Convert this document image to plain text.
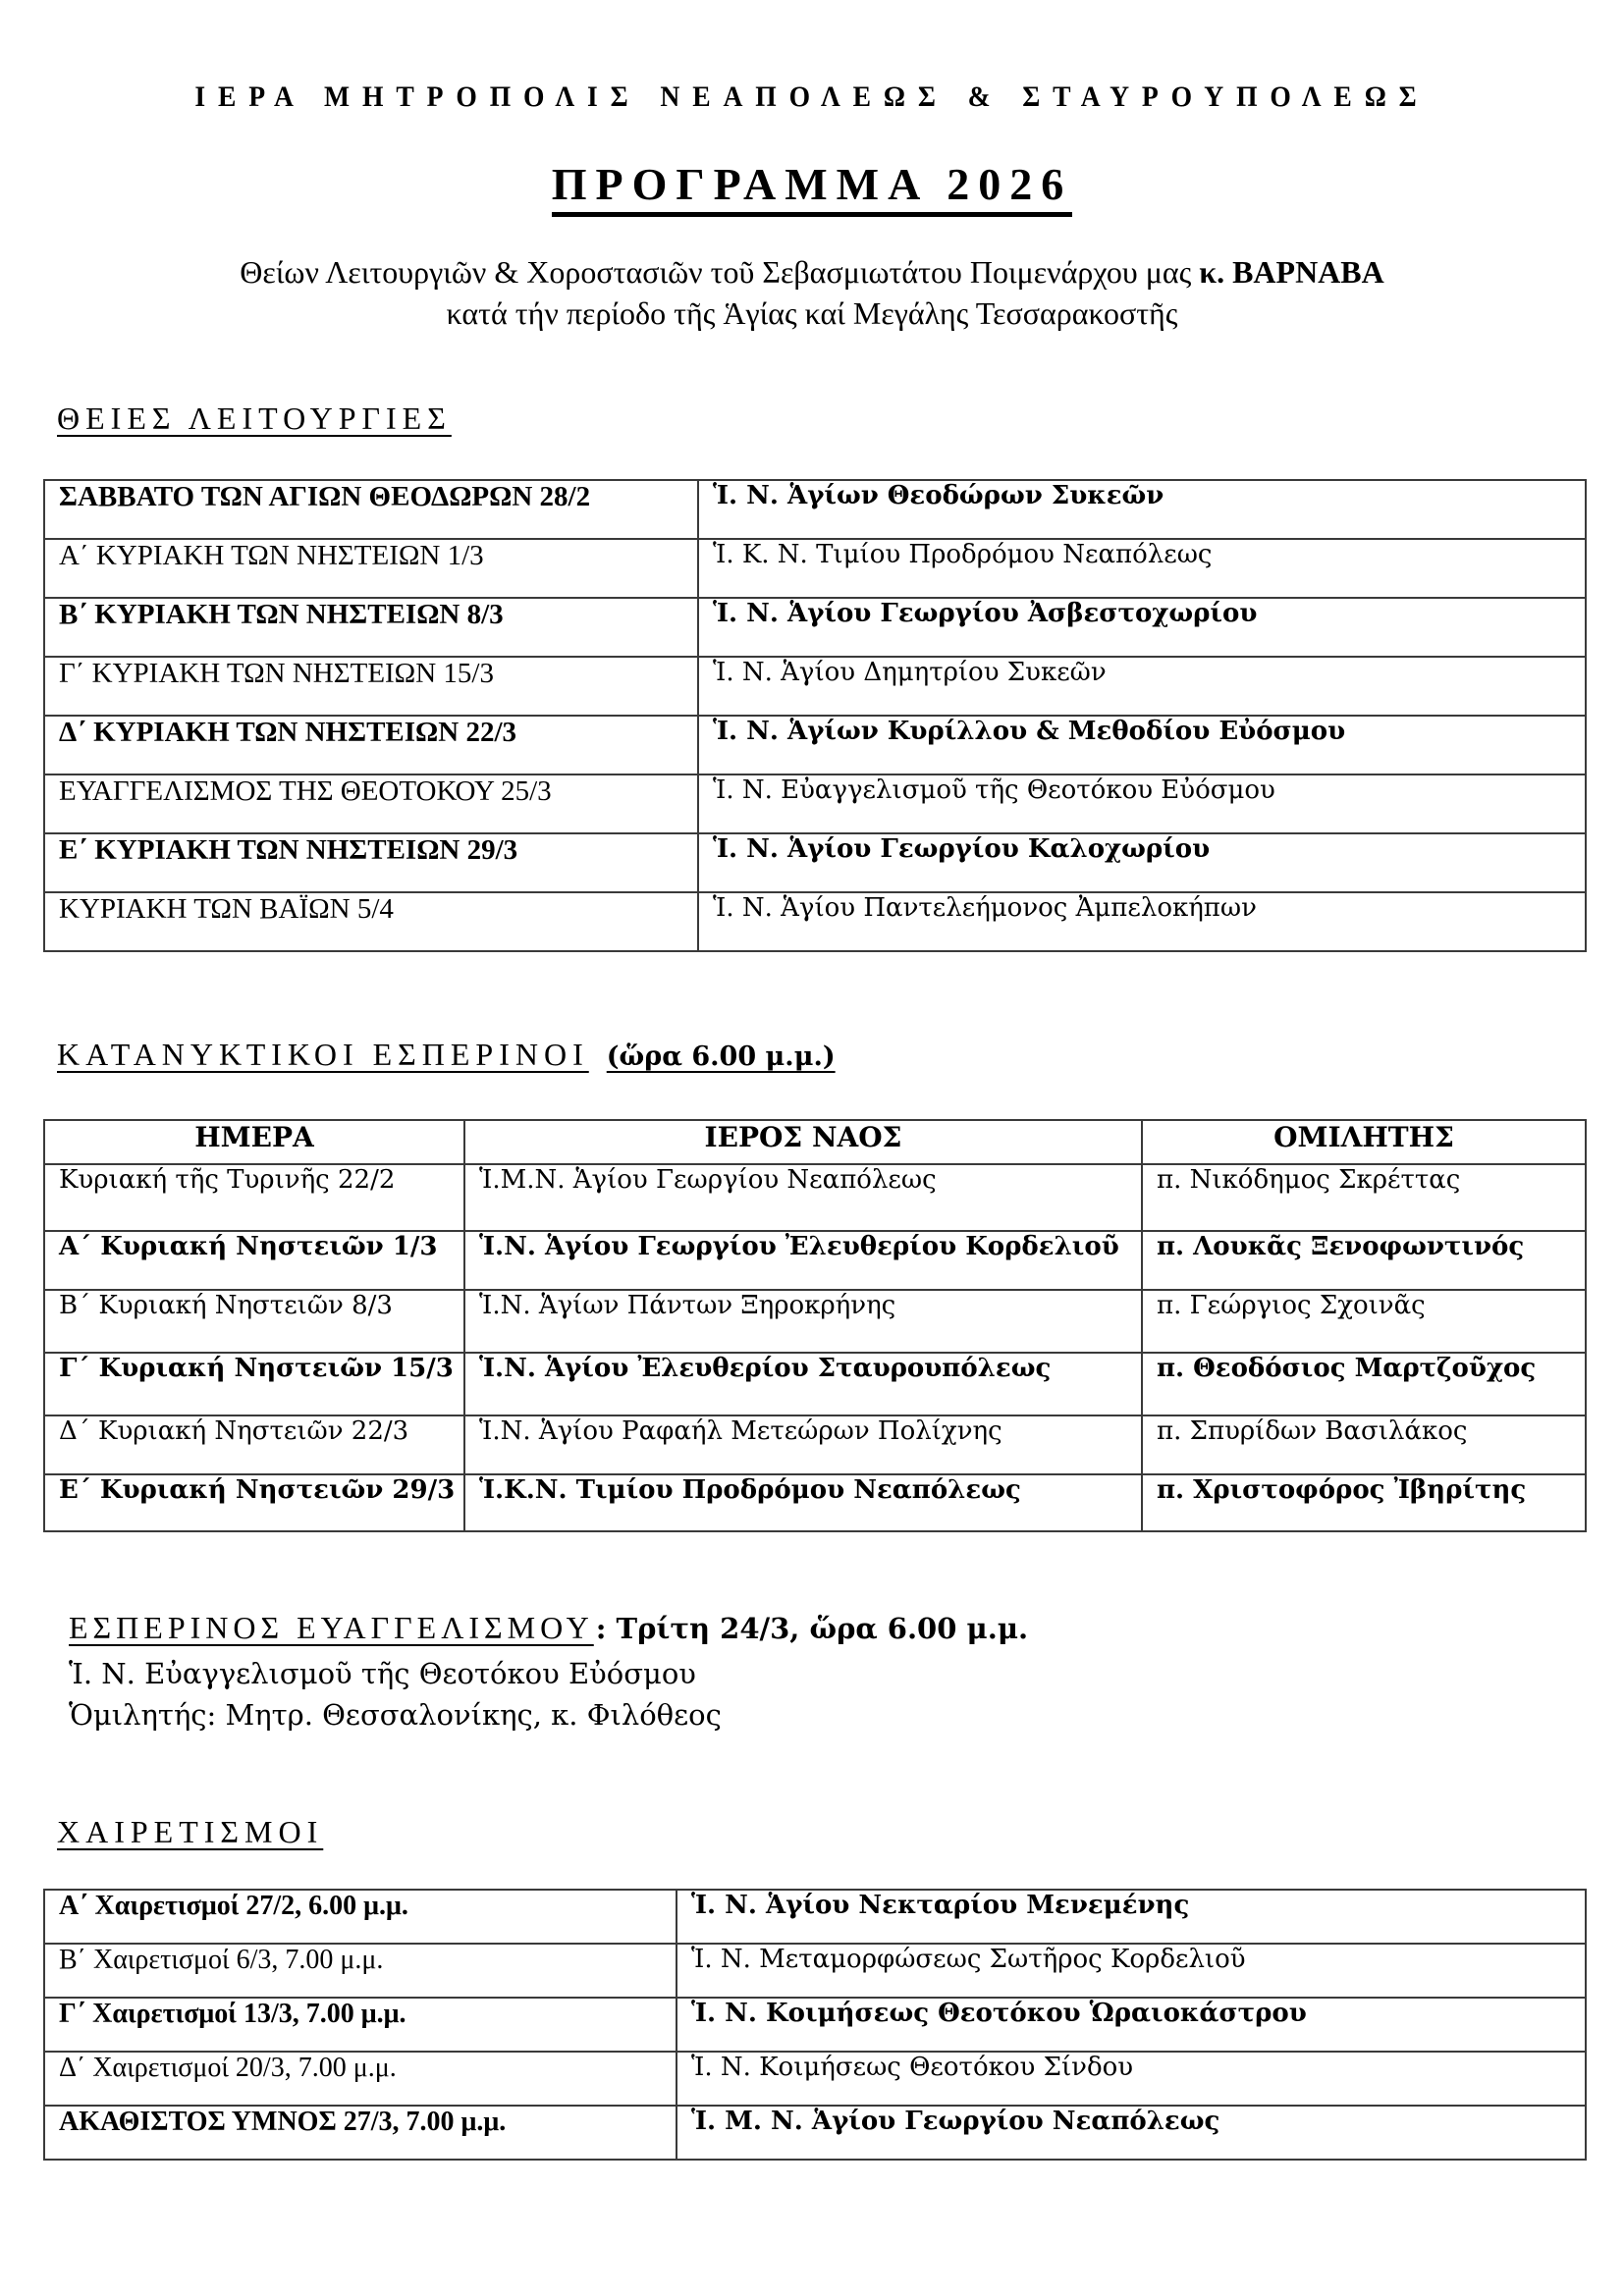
ΙΕΡΑ ΜΗΤΡΟΠΟΛΙΣ ΝΕΑΠΟΛΕΩΣ & ΣΤΑΥΡΟΥΠΟΛΕΩΣ
ΠΡΟΓΡΑΜΜΑ 2026
Θείων Λειτουργιῶν & Χοροστασιῶν τοῦ Σεβασμιωτάτου Ποιμενάρχου μας κ. ΒΑΡΝΑΒΑ
κατά τήν περίοδο τῆς Ἁγίας καί Μεγάλης Τεσσαρακοστῆς
ΘΕΙΕΣ ΛΕΙΤΟΥΡΓΙΕΣ
ΣΑΒΒΑΤΟ ΤΩΝ ΑΓΙΩΝ ΘΕΟΔΩΡΩΝ 28/2	Ἱ. Ν. Ἁγίων Θεοδώρων Συκεῶν
Α΄ ΚΥΡΙΑΚΗ ΤΩΝ ΝΗΣΤΕΙΩΝ 1/3	Ἱ. Κ. Ν. Τιμίου Προδρόμου Νεαπόλεως
Β΄ ΚΥΡΙΑΚΗ ΤΩΝ ΝΗΣΤΕΙΩΝ 8/3	Ἱ. Ν. Ἁγίου Γεωργίου Ἀσβεστοχωρίου
Γ΄ ΚΥΡΙΑΚΗ ΤΩΝ ΝΗΣΤΕΙΩΝ 15/3	Ἱ. Ν. Ἁγίου Δημητρίου Συκεῶν
Δ΄ ΚΥΡΙΑΚΗ ΤΩΝ ΝΗΣΤΕΙΩΝ 22/3	Ἱ. Ν. Ἁγίων Κυρίλλου & Μεθοδίου Εὐόσμου
ΕΥΑΓΓΕΛΙΣΜΟΣ ΤΗΣ ΘΕΟΤΟΚΟΥ 25/3	Ἱ. Ν. Εὐαγγελισμοῦ τῆς Θεοτόκου Εὐόσμου
Ε΄ ΚΥΡΙΑΚΗ ΤΩΝ ΝΗΣΤΕΙΩΝ 29/3	Ἱ. Ν. Ἁγίου Γεωργίου Καλοχωρίου
ΚΥΡΙΑΚΗ ΤΩΝ ΒΑΪΩΝ 5/4	Ἱ. Ν. Ἁγίου Παντελεήμονος Ἀμπελοκήπων
ΚΑΤΑΝΥΚΤΙΚΟΙ ΕΣΠΕΡΙΝΟΙ (ὥρα 6.00 μ.μ.)
ΗΜΕΡΑ	ΙΕΡΟΣ ΝΑΟΣ	ΟΜΙΛΗΤΗΣ
Κυριακή τῆς Τυρινῆς 22/2	Ἱ.Μ.Ν. Ἁγίου Γεωργίου Νεαπόλεως	π. Νικόδημος Σκρέττας
Α΄ Κυριακή Νηστειῶν 1/3	Ἱ.Ν. Ἁγίου Γεωργίου Ἐλευθερίου Κορδελιοῦ	π. Λουκᾶς Ξενοφωντινός
Β΄ Κυριακή Νηστειῶν 8/3	Ἱ.Ν. Ἁγίων Πάντων Ξηροκρήνης	π. Γεώργιος Σχοινᾶς
Γ΄ Κυριακή Νηστειῶν 15/3	Ἱ.Ν. Ἁγίου Ἐλευθερίου Σταυρουπόλεως	π. Θεοδόσιος Μαρτζοῦχος
Δ΄ Κυριακή Νηστειῶν 22/3	Ἱ.Ν. Ἁγίου Ραφαήλ Μετεώρων Πολίχνης	π. Σπυρίδων Βασιλάκος
Ε΄ Κυριακή Νηστειῶν 29/3	Ἱ.Κ.Ν. Τιμίου Προδρόμου Νεαπόλεως	π. Χριστοφόρος Ἰβηρίτης
ΕΣΠΕΡΙΝΟΣ ΕΥΑΓΓΕΛΙΣΜΟΥ: Τρίτη 24/3, ὥρα 6.00 μ.μ.
Ἱ. Ν. Εὐαγγελισμοῦ τῆς Θεοτόκου Εὐόσμου
Ὁμιλητής: Μητρ. Θεσσαλονίκης, κ. Φιλόθεος
ΧΑΙΡΕΤΙΣΜΟΙ
Α΄ Χαιρετισμοί 27/2, 6.00 μ.μ.	Ἱ. Ν. Ἁγίου Νεκταρίου Μενεμένης
Β΄ Χαιρετισμοί 6/3, 7.00 μ.μ.	Ἱ. Ν. Μεταμορφώσεως Σωτῆρος Κορδελιοῦ
Γ΄ Χαιρετισμοί 13/3, 7.00 μ.μ.	Ἱ. Ν. Κοιμήσεως Θεοτόκου Ὡραιοκάστρου
Δ΄ Χαιρετισμοί 20/3, 7.00 μ.μ.	Ἱ. Ν. Κοιμήσεως Θεοτόκου Σίνδου
ΑΚΑΘΙΣΤΟΣ ΥΜΝΟΣ 27/3, 7.00 μ.μ.	Ἱ. Μ. Ν. Ἁγίου Γεωργίου Νεαπόλεως
